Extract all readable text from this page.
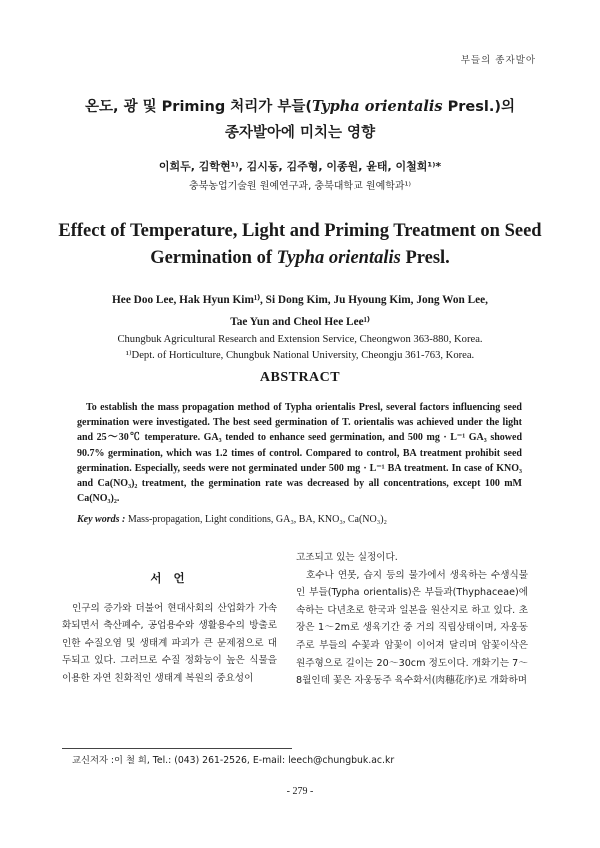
부들의 종자발아
온도, 광 및 Priming 처리가 부들(Typha orientalis Presl.)의
종자발아에 미치는 영향
이희두, 김학현¹⁾, 김시동, 김주형, 이종원, 윤태, 이철희¹⁾*
충북농업기술원 원예연구과, 충북대학교 원예학과¹⁾
Effect of Temperature, Light and Priming Treatment on Seed
Germination of Typha orientalis Presl.
Hee Doo Lee, Hak Hyun Kim¹⁾, Si Dong Kim, Ju Hyoung Kim, Jong Won Lee,
Tae Yun and Cheol Hee Lee¹⁾
Chungbuk Agricultural Research and Extension Service, Cheongwon 363-880, Korea.
¹⁾Dept. of Horticulture, Chungbuk National University, Cheongju 361-763, Korea.
ABSTRACT

To establish the mass propagation method of Typha orientalis Presl, several factors influencing seed germination were investigated. The best seed germination of T. orientalis was achieved under the light and 25～30℃ temperature. GA₃ tended to enhance seed germination, and 500 mg · L⁻¹ GA₃ showed 90.7% germination, which was 1.2 times of control. Compared to control, BA treatment prohibit seed germination. Especially, seeds were not germinated under 500 mg · L⁻¹ BA treatment. In case of KNO₃ and Ca(NO₃)₂ treatment, the germination rate was decreased by all concentrations, except 100 mM Ca(NO₃)₂.

Key words : Mass-propagation, Light conditions, GA₃, BA, KNO₃, Ca(NO₃)₂
서 언

인구의 증가와 더불어 현대사회의 산업화가 가속화되면서 축산폐수, 공업용수와 생활용수의 방출로 인한 수질오염 및 생태계 파괴가 큰 문제점으로 대두되고 있다. 그러므로 수질 정화능이 높은 식물을 이용한 자연 친화적인 생태계 복원의 중요성이

고조되고 있는 실정이다.

호수나 연못, 습지 등의 물가에서 생육하는 수생식물인 부들(Typha orientalis)은 부들과(Thyphaceae)에 속하는 다년초로 한국과 일본을 원산지로 하고 있다. 초장은 1～2m로 생육기간 중 거의 직립상태이며, 자웅동주로 부들의 수꽃과 암꽃이 이어져 달리며 암꽃이삭은 원주형으로 길이는 20～30cm 정도이다. 개화기는 7～8월인데 꽃은 자웅동주 육수화서(肉穗花序)로 개화하며

교신저자 :이 철 희, Tel.: (043) 261-2526, E-mail: leech@chungbuk.ac.kr
- 279 -
